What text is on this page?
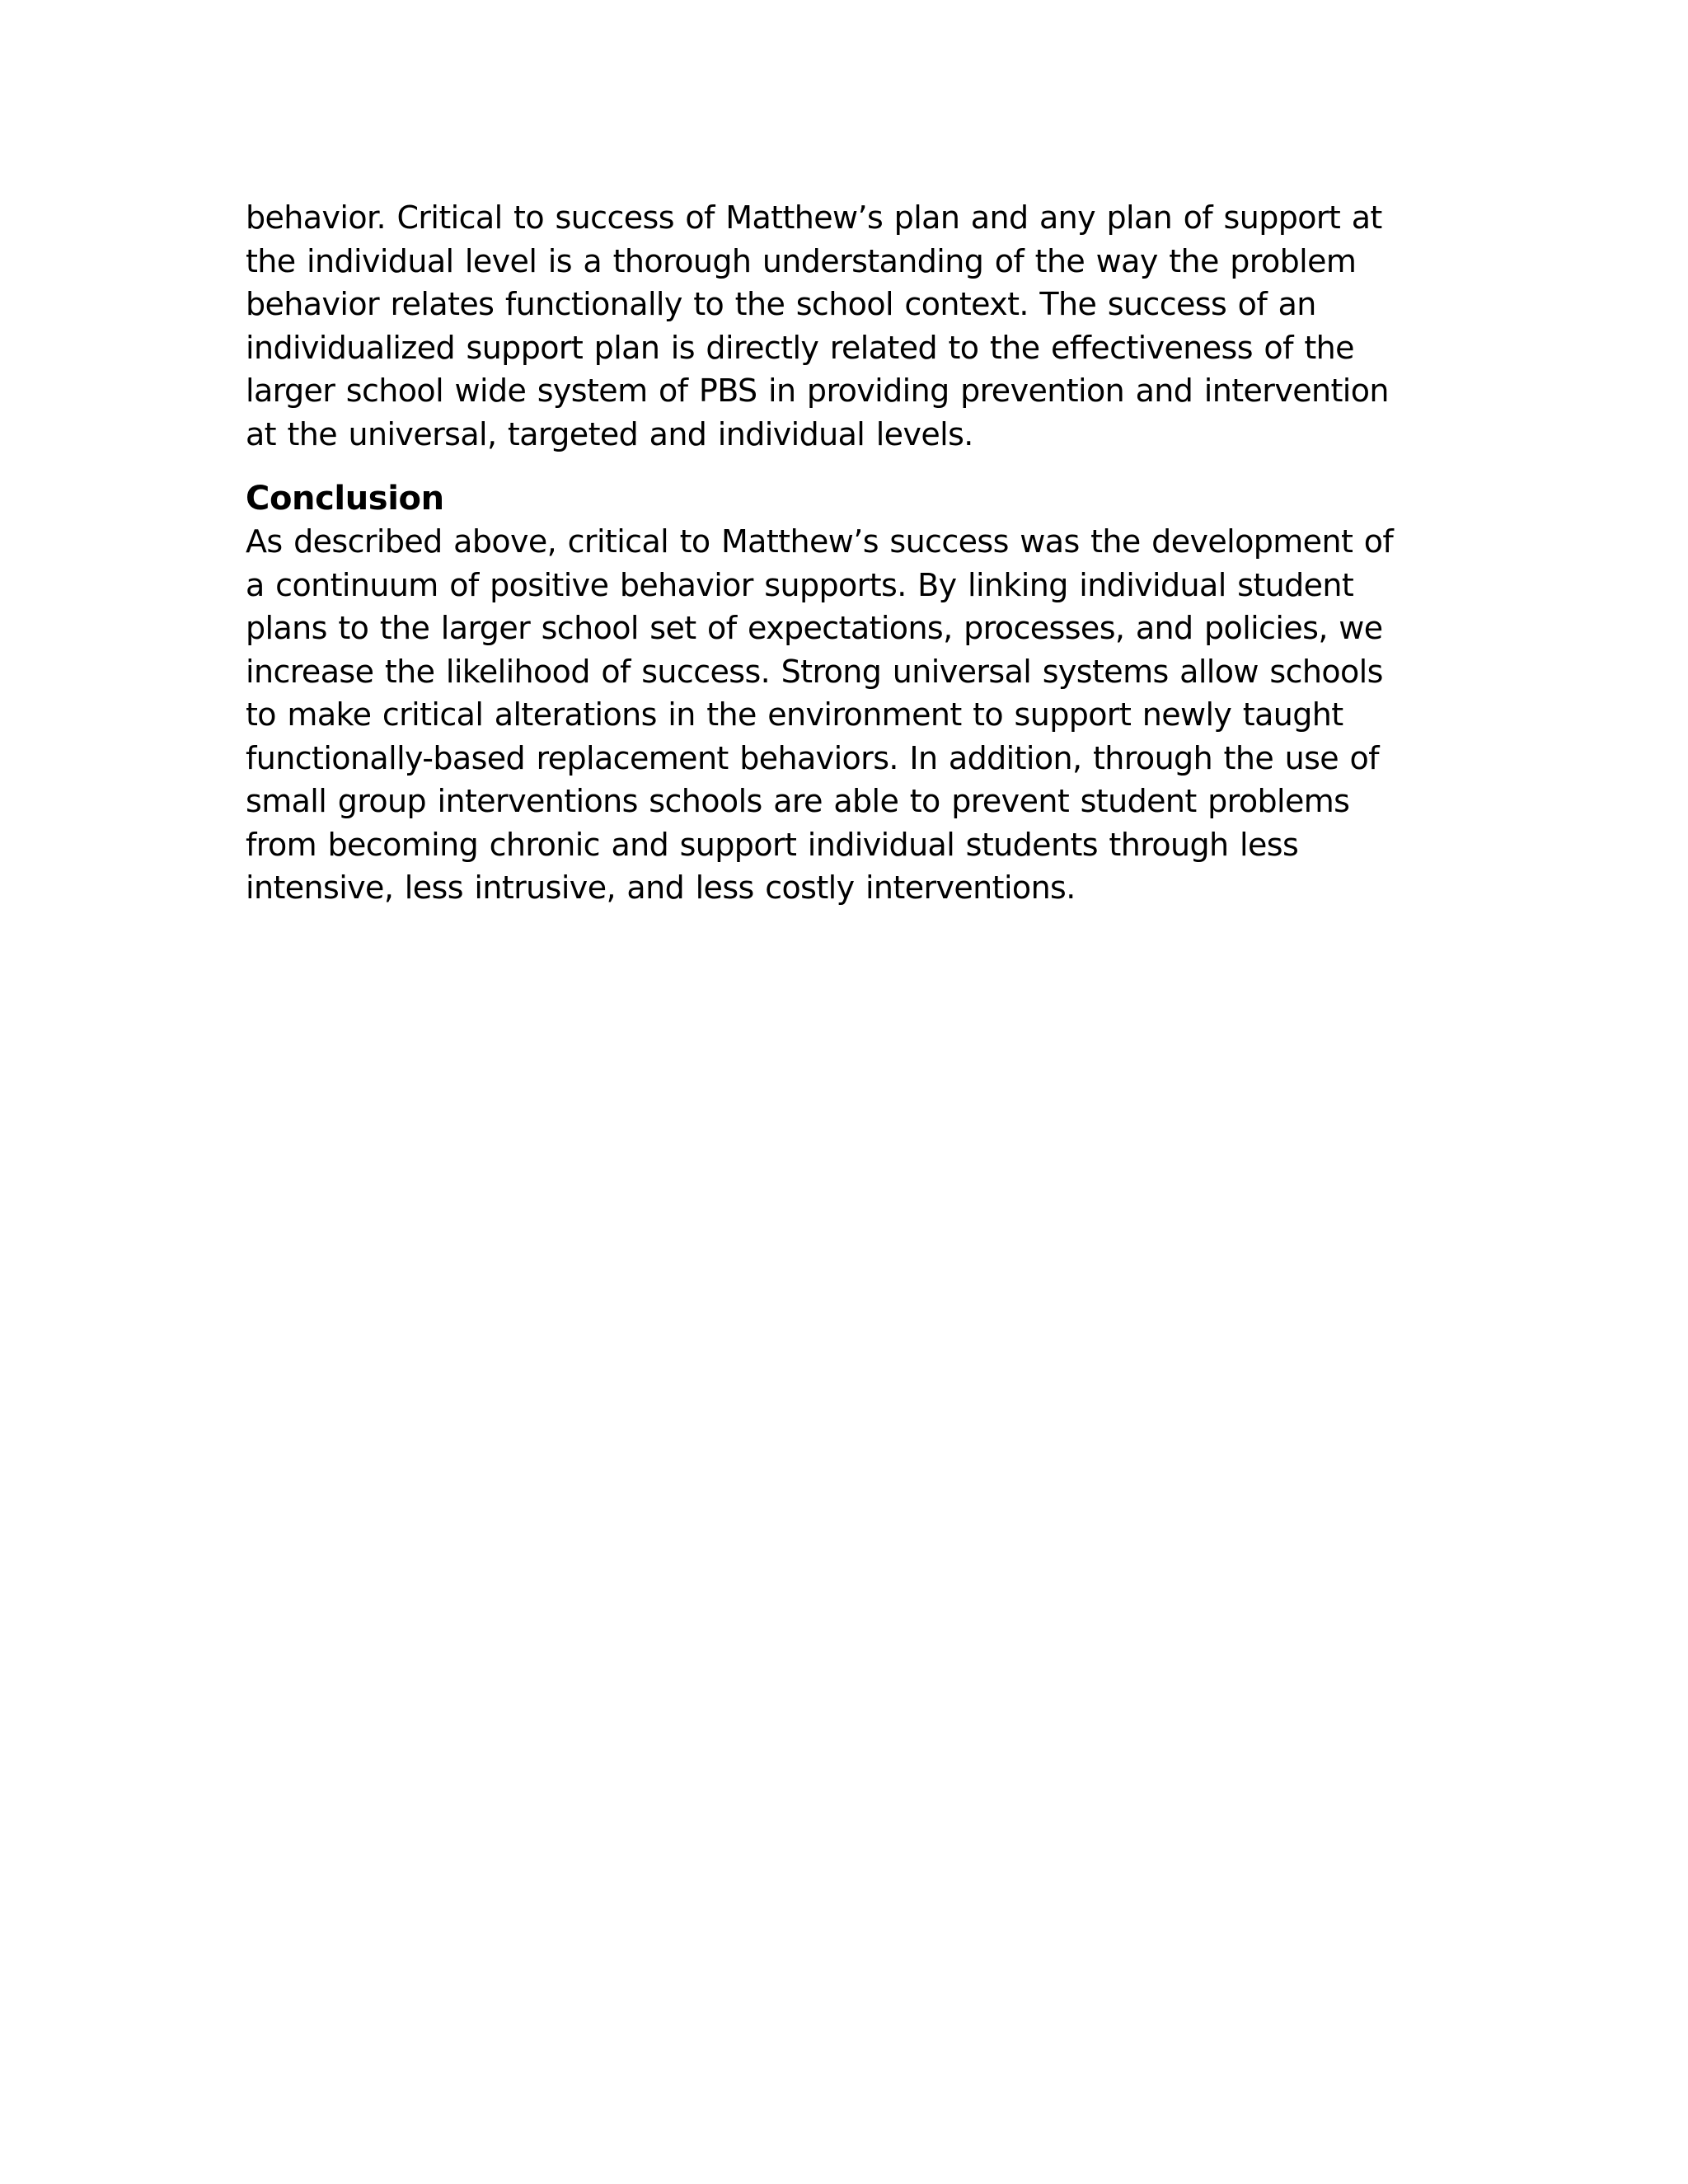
behavior. Critical to success of Matthew’s plan and any plan of support at
the individual level is a thorough understanding of the way the problem
behavior relates functionally to the school context. The success of an
individualized support plan is directly related to the effectiveness of the
larger school wide system of PBS in providing prevention and intervention
at the universal, targeted and individual levels.
Conclusion
As described above, critical to Matthew’s success was the development of
a continuum of positive behavior supports. By linking individual student
plans to the larger school set of expectations, processes, and policies, we
increase the likelihood of success. Strong universal systems allow schools
to make critical alterations in the environment to support newly taught
functionally-based replacement behaviors. In addition, through the use of
small group interventions schools are able to prevent student problems
from becoming chronic and support individual students through less
intensive, less intrusive, and less costly interventions.
